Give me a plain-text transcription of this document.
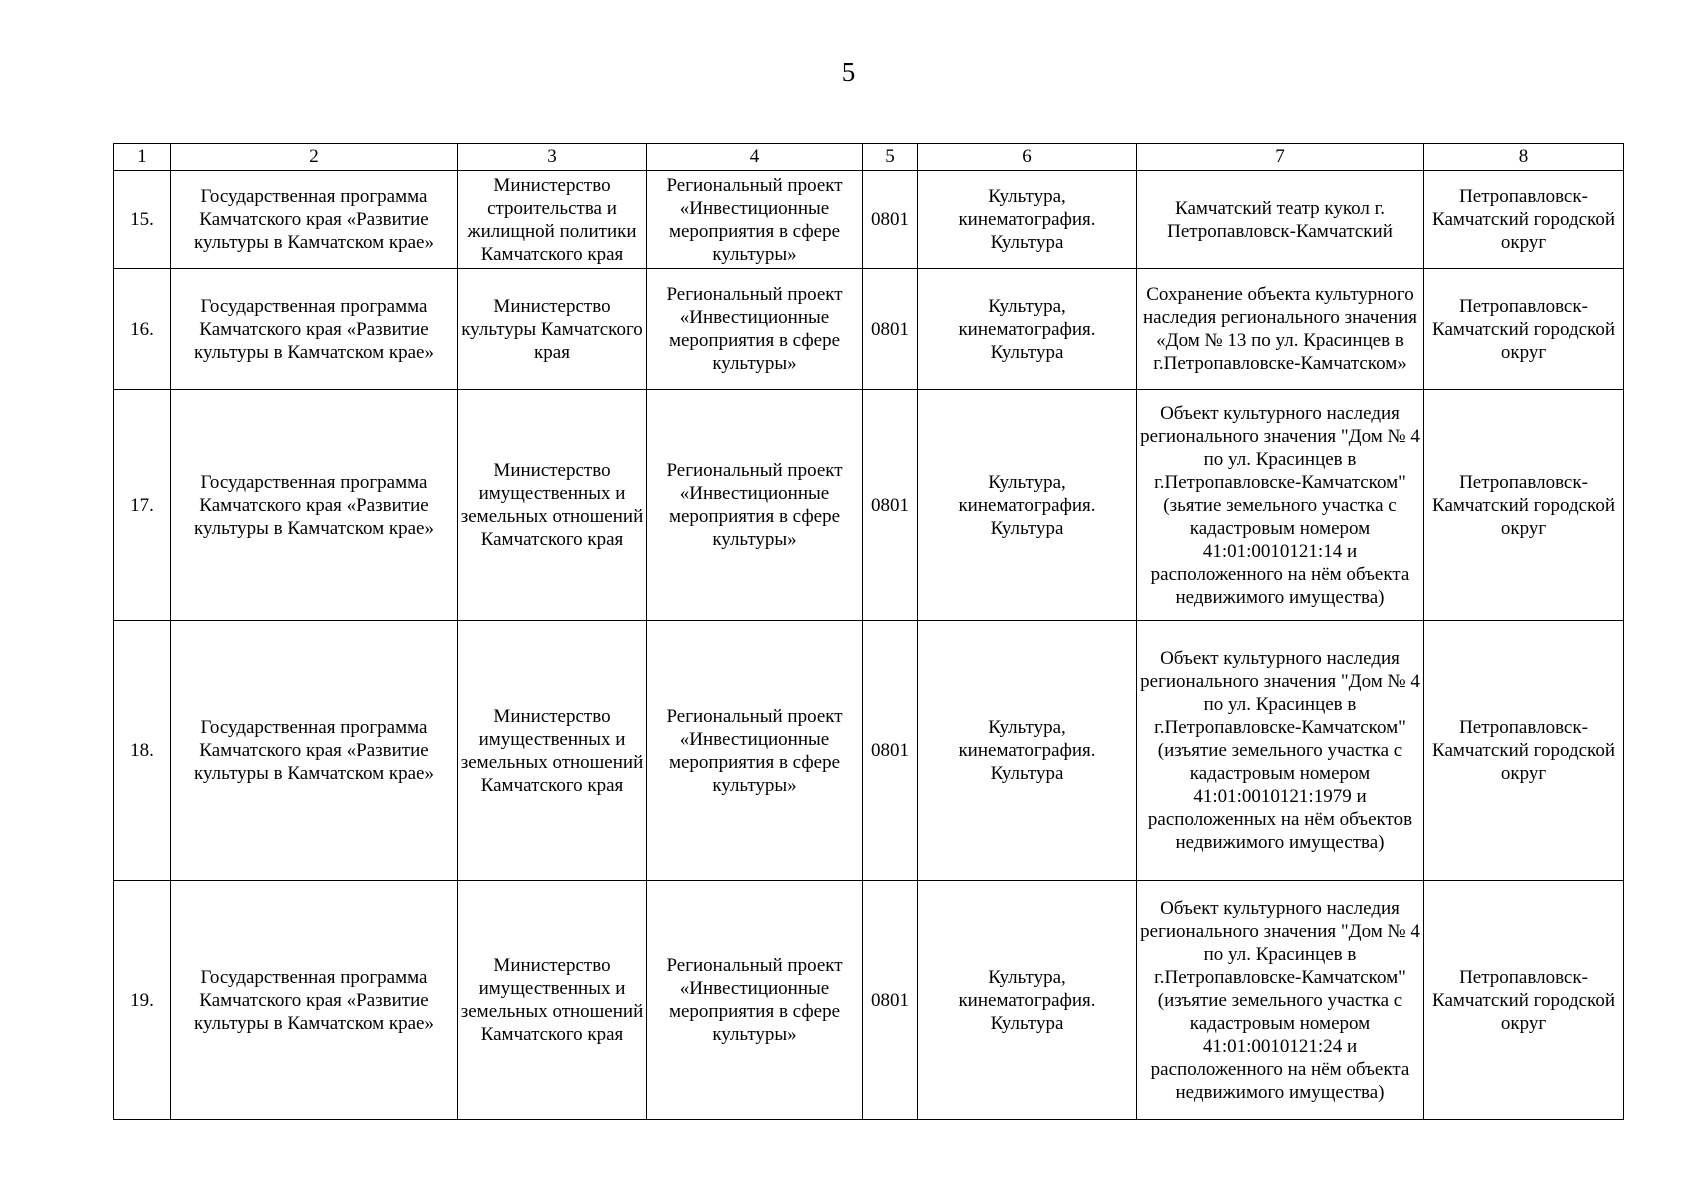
5
1	2	3	4	5	6	7	8
15.	Государственная программа Камчатского края «Развитие культуры в Камчатском крае»	Министерство строительства и жилищной политики Камчатского края	Региональный проект «Инвестиционные мероприятия в сфере культуры»	0801	Культура, кинематография. Культура	Камчатский театр кукол г. Петропавловск-Камчатский	Петропавловск-Камчатский городской округ
16.	Государственная программа Камчатского края «Развитие культуры в Камчатском крае»	Министерство культуры Камчатского края	Региональный проект «Инвестиционные мероприятия в сфере культуры»	0801	Культура, кинематография. Культура	Сохранение объекта культурного наследия регионального значения «Дом № 13 по ул. Красинцев в г.Петропавловске-Камчатском»	Петропавловск-Камчатский городской округ
17.	Государственная программа Камчатского края «Развитие культуры в Камчатском крае»	Министерство имущественных и земельных отношений Камчатского края	Региональный проект «Инвестиционные мероприятия в сфере культуры»	0801	Культура, кинематография. Культура	Объект культурного наследия регионального значения "Дом № 4 по ул. Красинцев в г.Петропавловске-Камчатском" (зьятие земельного участка с кадастровым номером 41:01:0010121:14 и расположенного на нём объекта недвижимого имущества)	Петропавловск-Камчатский городской округ
18.	Государственная программа Камчатского края «Развитие культуры в Камчатском крае»	Министерство имущественных и земельных отношений Камчатского края	Региональный проект «Инвестиционные мероприятия в сфере культуры»	0801	Культура, кинематография. Культура	Объект культурного наследия регионального значения "Дом № 4 по ул. Красинцев в г.Петропавловске-Камчатском"(изъятие земельного участка с кадастровым номером 41:01:0010121:1979 и расположенных на нём объектов недвижимого имущества)	Петропавловск-Камчатский городской округ
19.	Государственная программа Камчатского края «Развитие культуры в Камчатском крае»	Министерство имущественных и земельных отношений Камчатского края	Региональный проект «Инвестиционные мероприятия в сфере культуры»	0801	Культура, кинематография. Культура	Объект культурного наследия регионального значения "Дом № 4 по ул. Красинцев в г.Петропавловске-Камчатском"(изъятие земельного участка с кадастровым номером 41:01:0010121:24 и расположенного на нём объекта недвижимого имущества)	Петропавловск-Камчатский городской округ
